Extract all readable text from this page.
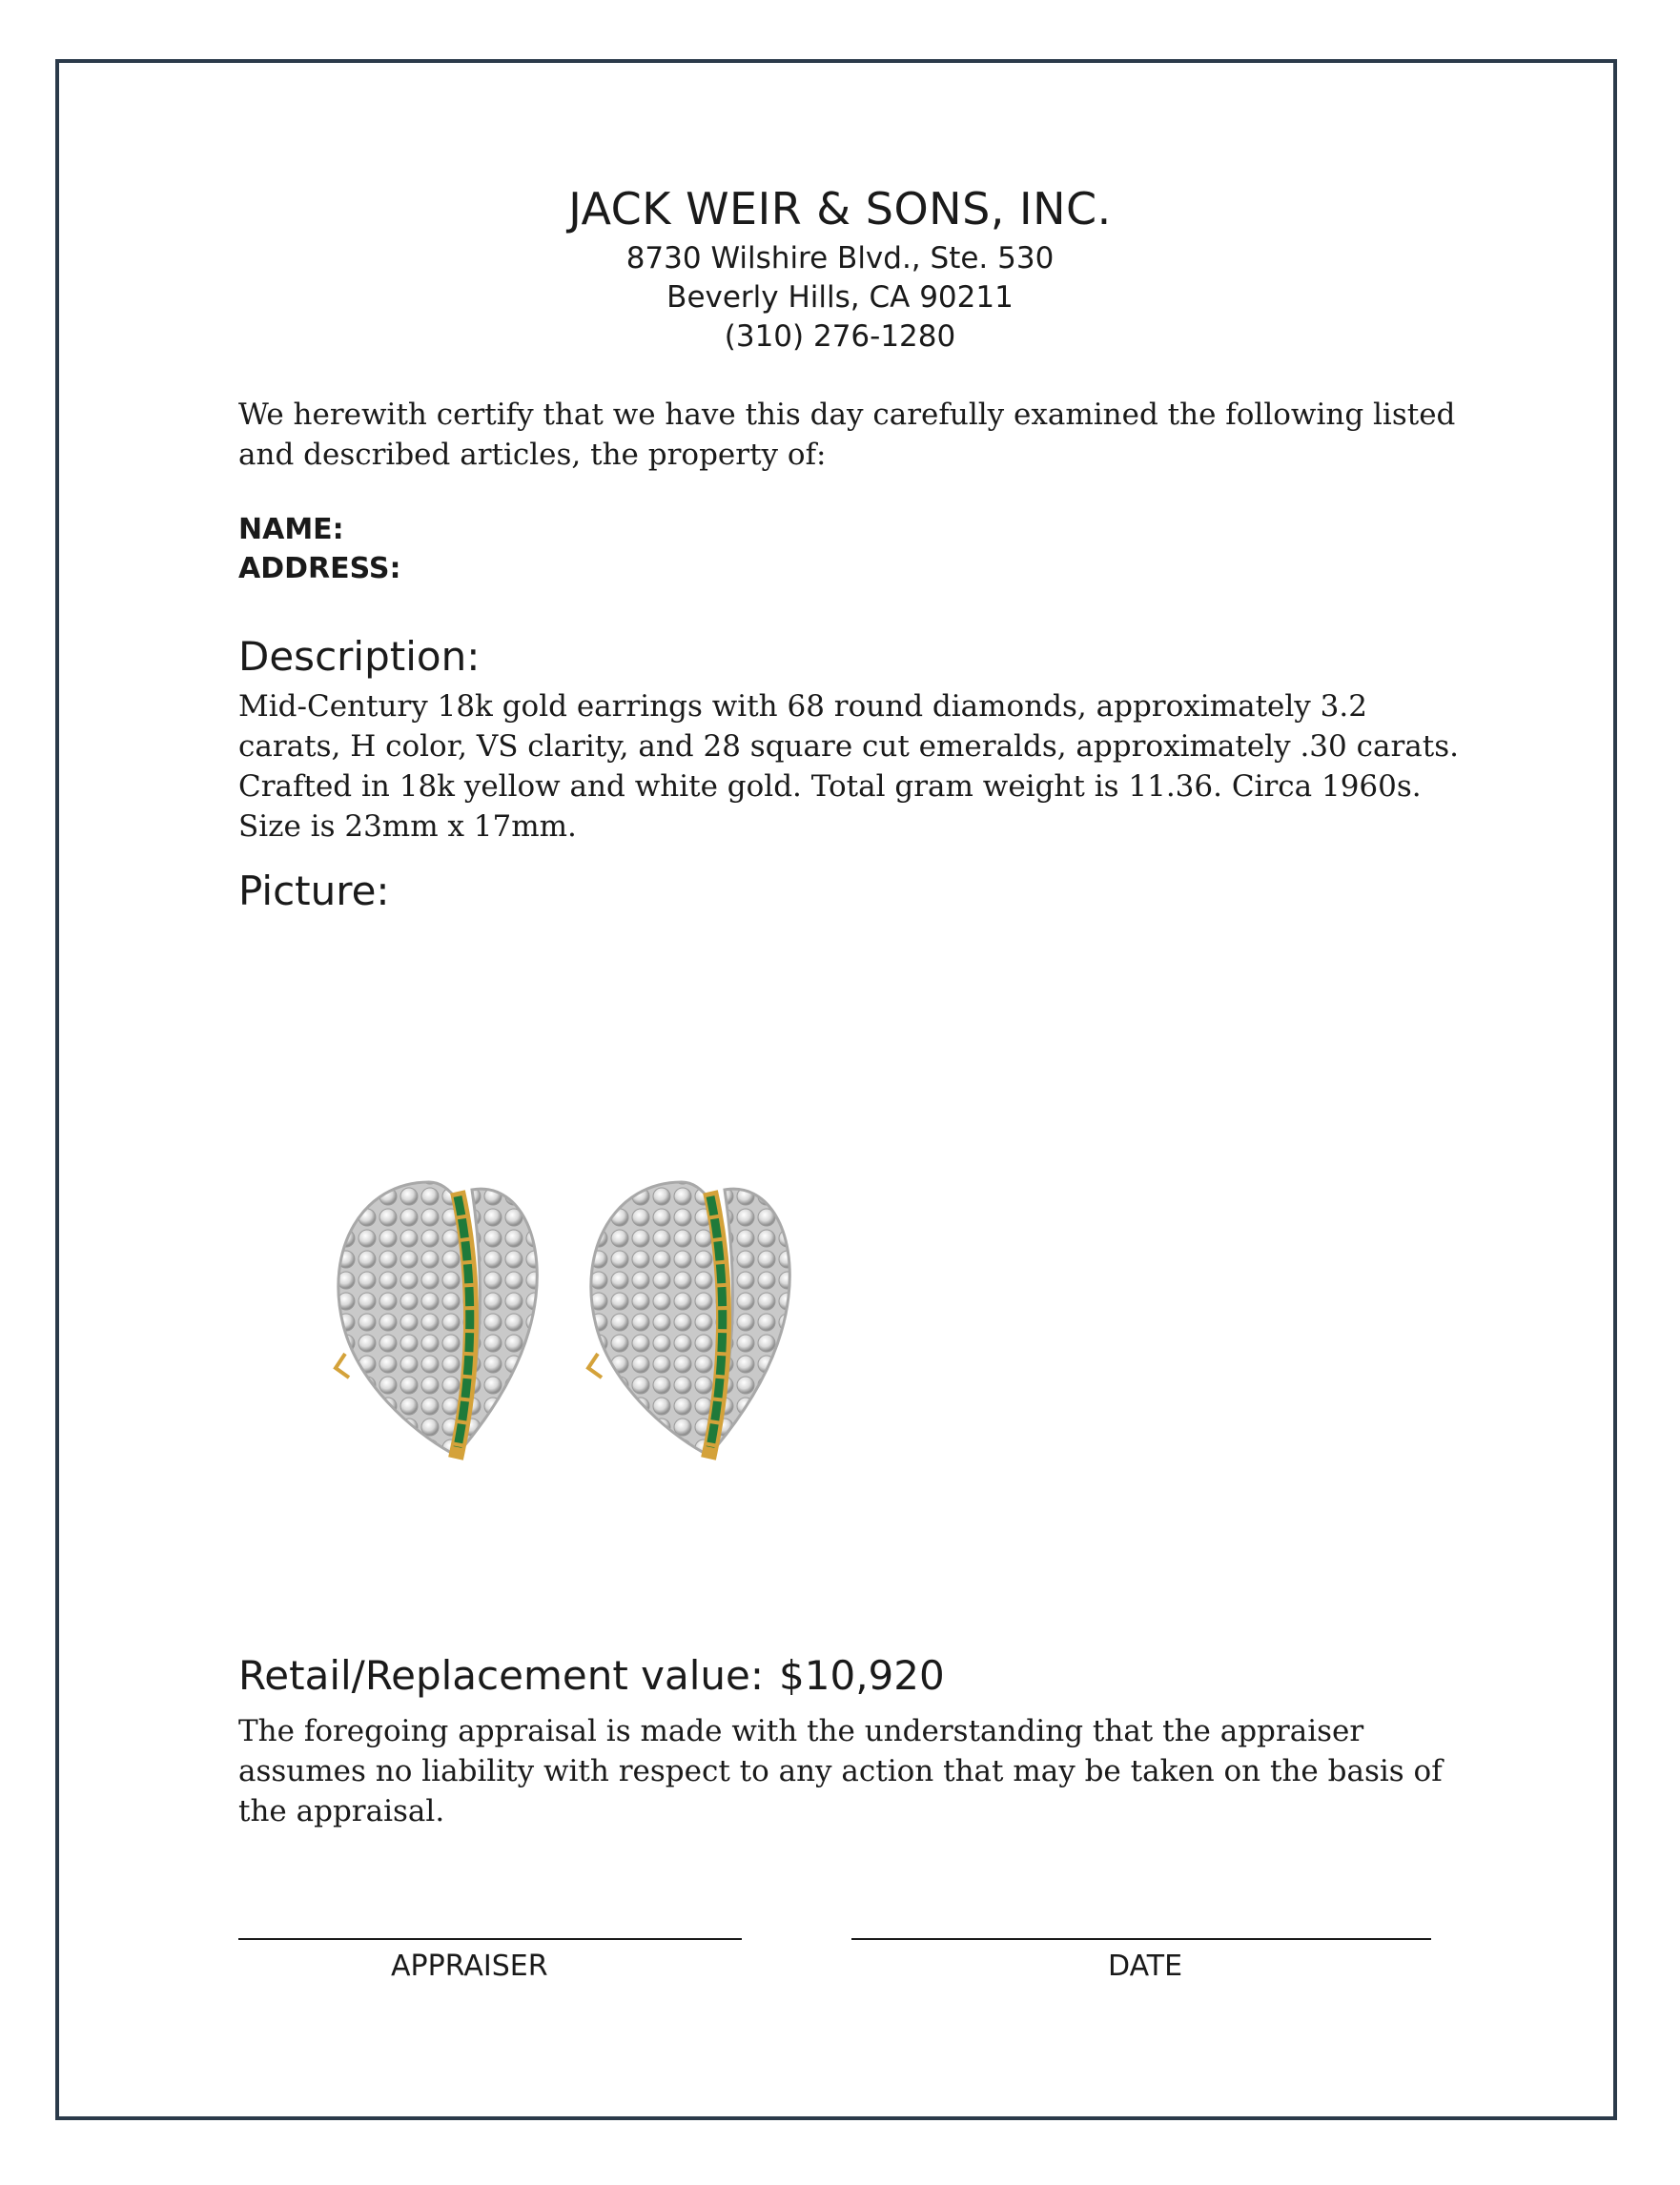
JACK WEIR & SONS, INC.
8730 Wilshire Blvd., Ste. 530
Beverly Hills, CA 90211
(310) 276-1280
We herewith certify that we have this day carefully examined the following listed and described articles, the property of:
NAME:
ADDRESS:
Description:
Mid-Century 18k gold earrings with 68 round diamonds, approximately 3.2 carats, H color, VS clarity, and 28 square cut emeralds, approximately .30 carats. Crafted in 18k yellow and white gold. Total gram weight is 11.36. Circa 1960s. Size is 23mm x 17mm.
Picture:
Retail/Replacement value: $10,920
The foregoing appraisal is made with the understanding that the appraiser assumes no liability with respect to any action that may be taken on the basis of the appraisal.
APPRAISER	DATE
